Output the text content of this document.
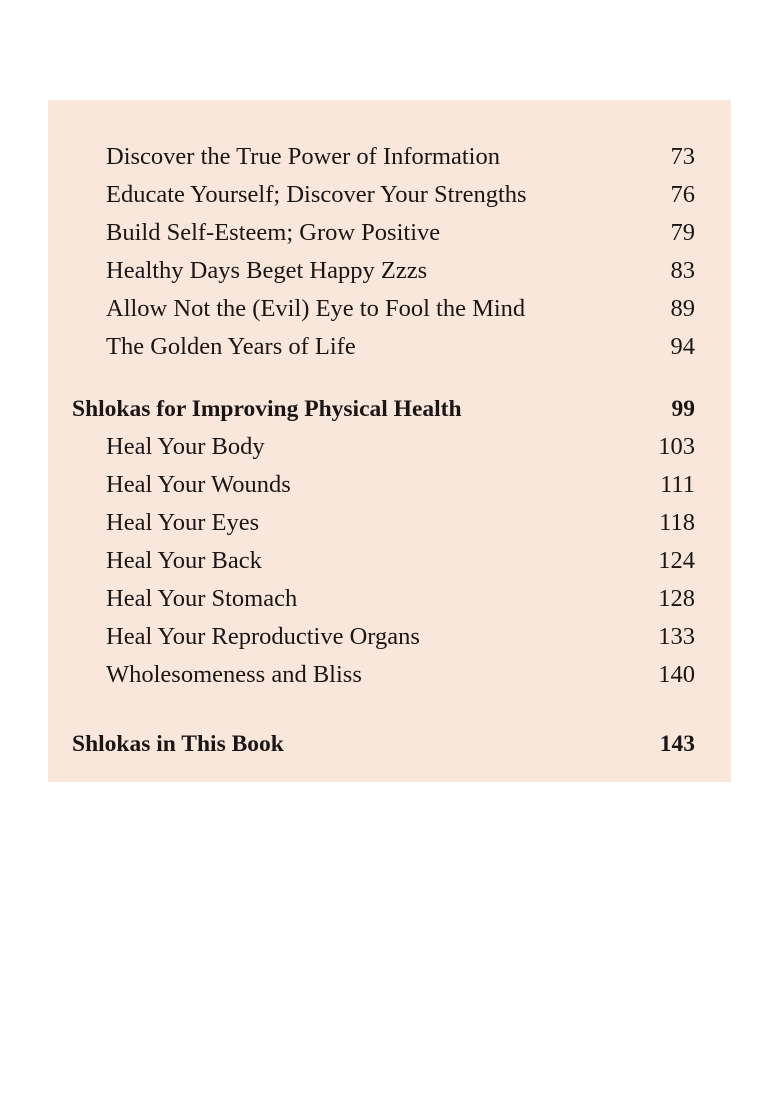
Discover the True Power of Information	73
Educate Yourself; Discover Your Strengths	76
Build Self-Esteem; Grow Positive	79
Healthy Days Beget Happy Zzzs	83
Allow Not the (Evil) Eye to Fool the Mind	89
The Golden Years of Life	94
Shlokas for Improving Physical Health	99
Heal Your Body	103
Heal Your Wounds	111
Heal Your Eyes	118
Heal Your Back	124
Heal Your Stomach	128
Heal Your Reproductive Organs	133
Wholesomeness and Bliss	140
Shlokas in This Book	143
